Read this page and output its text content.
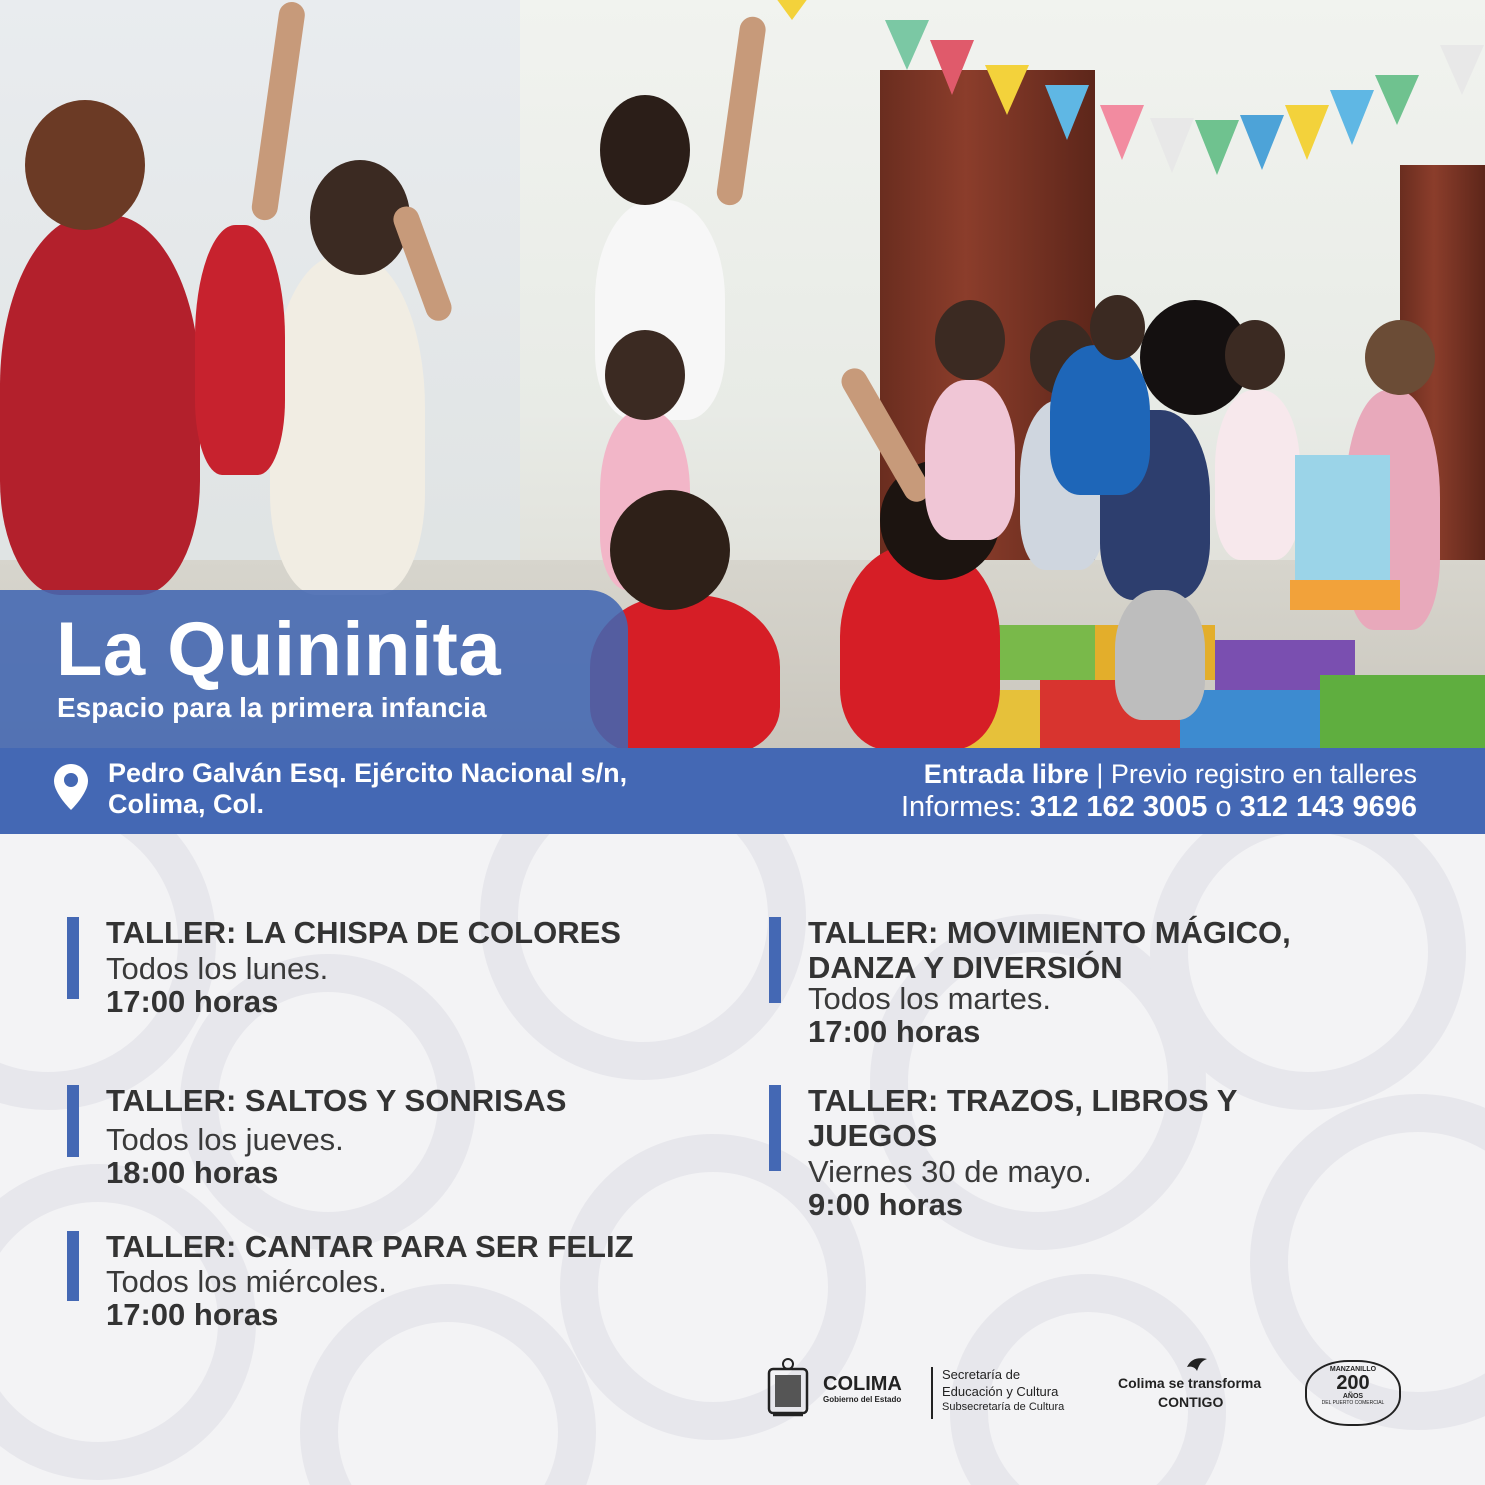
La Quininita

Espacio para la primera infancia

Pedro Galván Esq. Ejército Nacional s/n,
Colima, Col.

Entrada libre | Previo registro en talleres
Informes: 312 162 3005 o 312 143 9696

TALLER: LA CHISPA DE COLORES

Todos los lunes.

17:00 horas

TALLER: SALTOS Y SONRISAS

Todos los jueves.

18:00 horas

TALLER: CANTAR PARA SER FELIZ

Todos los miércoles.

17:00 horas

TALLER: MOVIMIENTO MÁGICO, DANZA Y DIVERSIÓN

Todos los martes.

17:00 horas

TALLER: TRAZOS, LIBROS Y JUEGOS

Viernes 30 de mayo.

9:00 horas

COLIMA

Gobierno del Estado

Secretaría de

Educación y Cultura

Subsecretaría de Cultura

Colima se transforma

CONTIGO

MANZANILLO

200

AÑOS

DEL PUERTO COMERCIAL
